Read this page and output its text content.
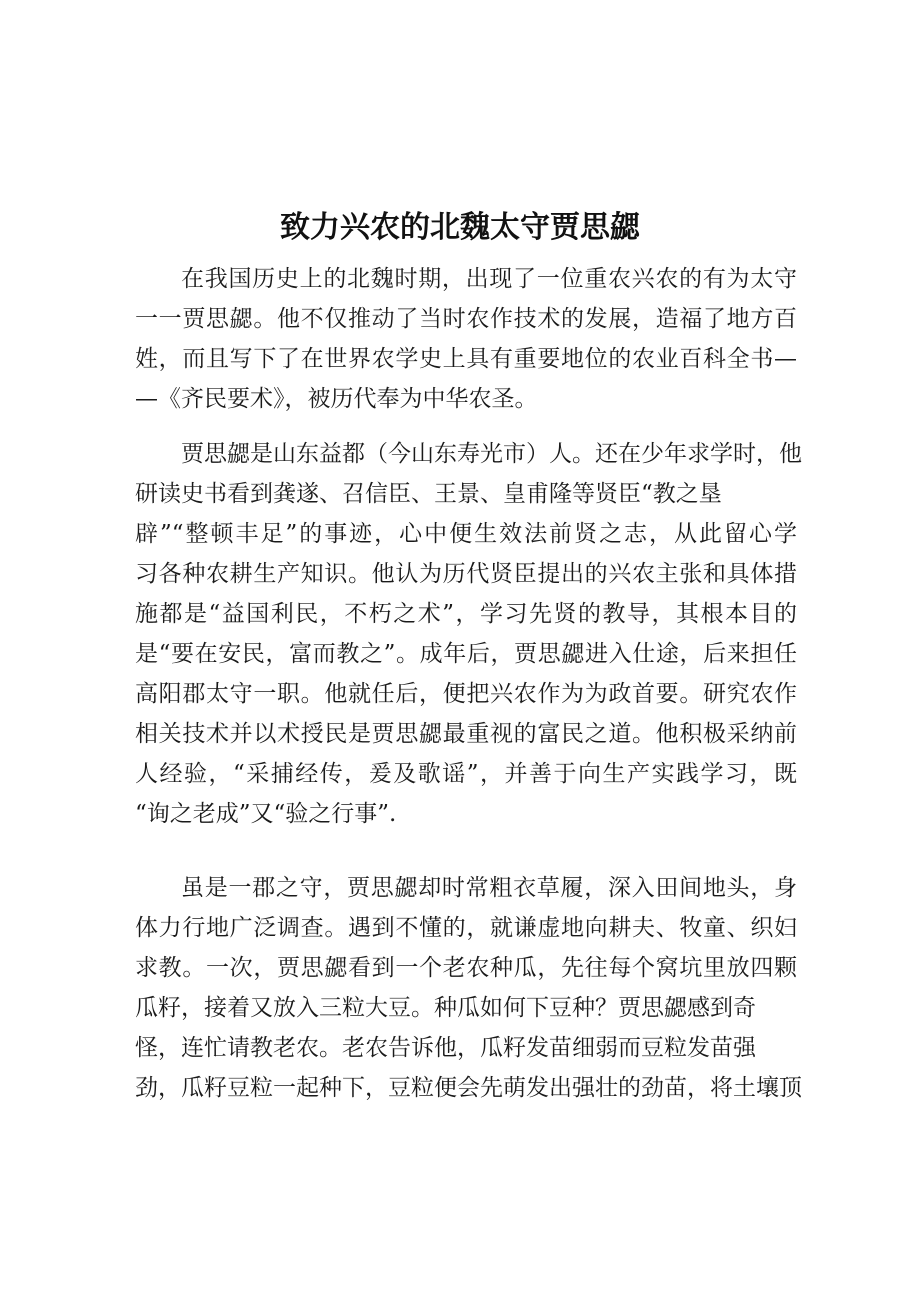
致力兴农的北魏太守贾思勰
在我国历史上的北魏时期，出现了一位重农兴农的有为太守
一一贾思勰。他不仅推动了当时农作技术的发展，造福了地方百
姓，而且写下了在世界农学史上具有重要地位的农业百科全书—
—《齐民要术》，被历代奉为中华农圣。
贾思勰是山东益都（今山东寿光市）人。还在少年求学时，他
研读史书看到龚遂、召信臣、王景、皇甫隆等贤臣“教之垦
辟”“整顿丰足”的事迹，心中便生效法前贤之志，从此留心学
习各种农耕生产知识。他认为历代贤臣提出的兴农主张和具体措
施都是“益国利民，不朽之术”，学习先贤的教导，其根本目的
是“要在安民，富而教之”。成年后，贾思勰进入仕途，后来担任
高阳郡太守一职。他就任后，便把兴农作为为政首要。研究农作
相关技术并以术授民是贾思勰最重视的富民之道。他积极采纳前
人经验，“采捕经传，爰及歌谣”，并善于向生产实践学习，既
“询之老成”又“验之行事”.
虽是一郡之守，贾思勰却时常粗衣草履，深入田间地头，身
体力行地广泛调查。遇到不懂的，就谦虚地向耕夫、牧童、织妇
求教。一次，贾思勰看到一个老农种瓜，先往每个窝坑里放四颗
瓜籽，接着又放入三粒大豆。种瓜如何下豆种？贾思勰感到奇
怪，连忙请教老农。老农告诉他，瓜籽发苗细弱而豆粒发苗强
劲，瓜籽豆粒一起种下，豆粒便会先萌发出强壮的劲苗，将土壤顶
